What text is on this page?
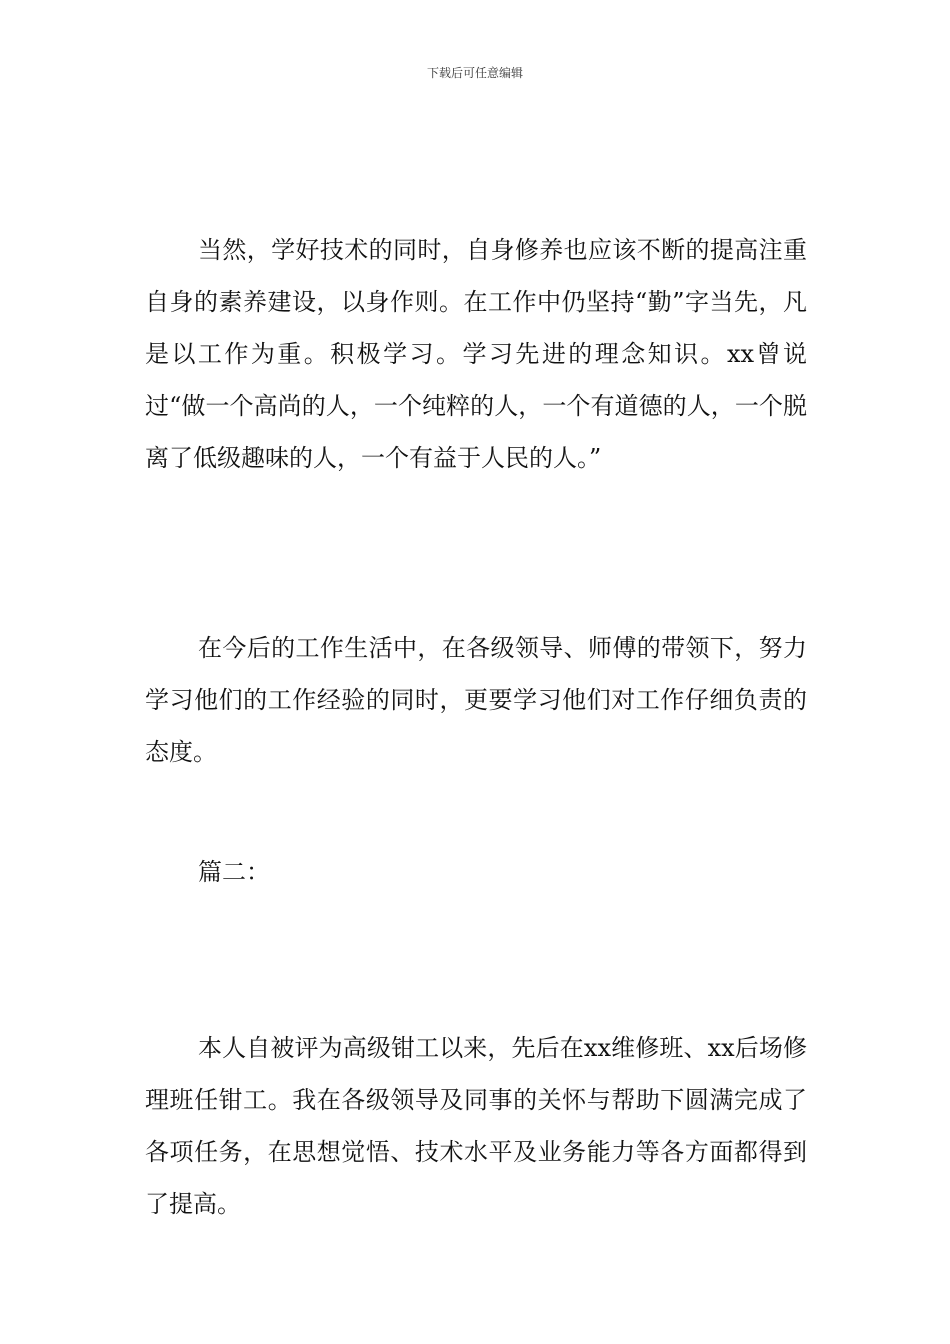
下载后可任意编辑

当然，学好技术的同时，自身修养也应该不断的提高注重自身的素养建设，以身作则。在工作中仍坚持“勤”字当先，凡是以工作为重。积极学习。学习先进的理念知识。xx曾说过“做一个高尚的人，一个纯粹的人，一个有道德的人，一个脱离了低级趣味的人，一个有益于人民的人。”

在今后的工作生活中，在各级领导、师傅的带领下，努力学习他们的工作经验的同时，更要学习他们对工作仔细负责的态度。

篇二：

本人自被评为高级钳工以来，先后在xx维修班、xx后场修理班任钳工。我在各级领导及同事的关怀与帮助下圆满完成了各项任务，在思想觉悟、技术水平及业务能力等各方面都得到了提高。
